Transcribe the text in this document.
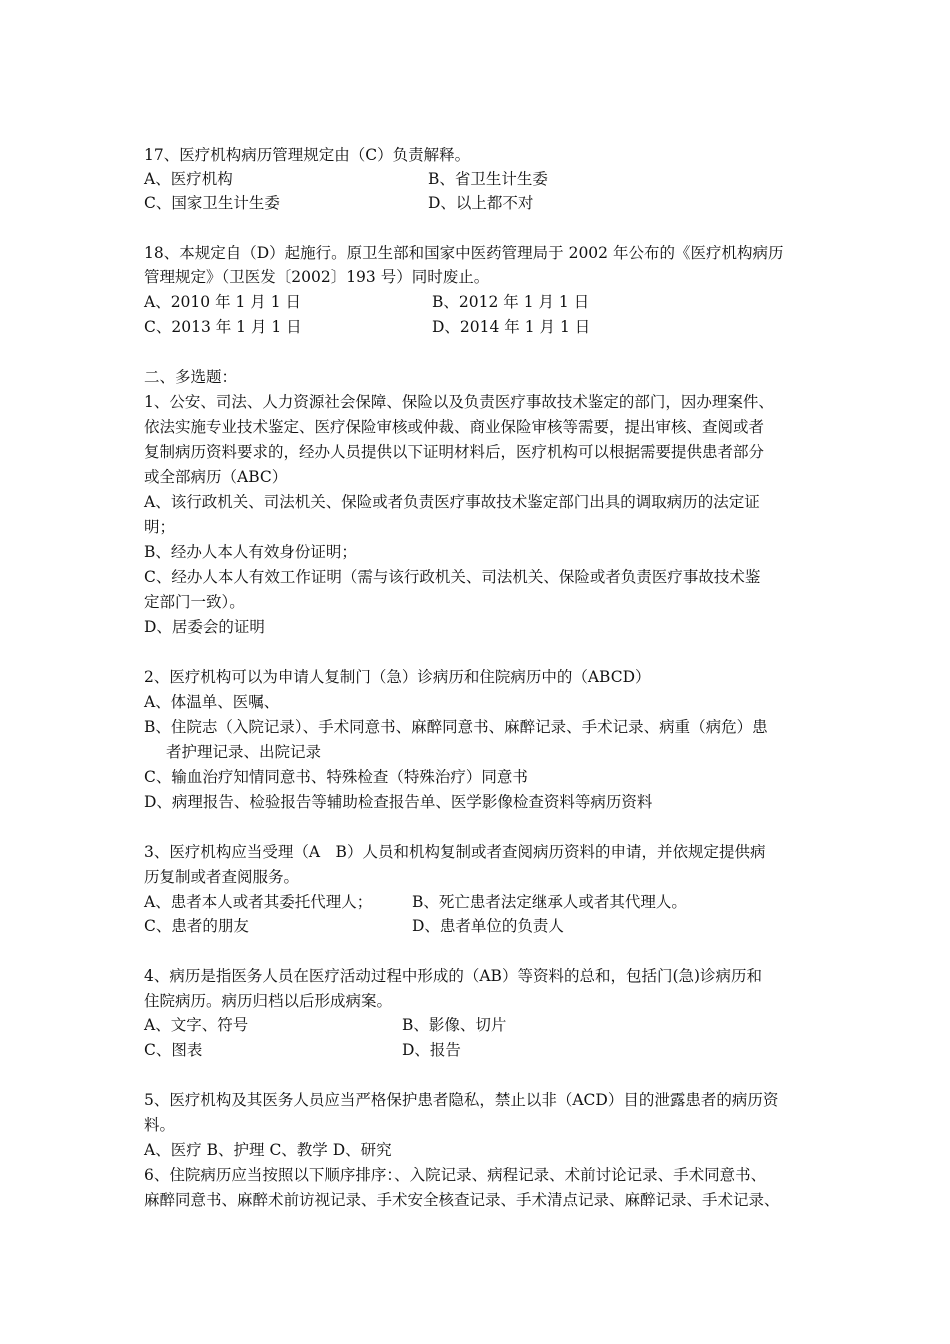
17、医疗机构病历管理规定由（C）负责解释。
A、医疗机构	B、省卫生计生委
C、国家卫生计生委	D、以上都不对
18、本规定自（D）起施行。原卫生部和国家中医药管理局于 2002 年公布的《医疗机构病历
管理规定》（卫医发〔2002〕193 号）同时废止。
A、2010 年 1 月 1 日	B、2012 年 1 月 1 日
C、2013 年 1 月 1 日	D、2014 年 1 月 1 日
二、多选题：
1、公安、司法、人力资源社会保障、保险以及负责医疗事故技术鉴定的部门，因办理案件、
依法实施专业技术鉴定、医疗保险审核或仲裁、商业保险审核等需要，提出审核、查阅或者
复制病历资料要求的，经办人员提供以下证明材料后，医疗机构可以根据需要提供患者部分
或全部病历（ABC）
A、该行政机关、司法机关、保险或者负责医疗事故技术鉴定部门出具的调取病历的法定证
明；
B、经办人本人有效身份证明；
C、经办人本人有效工作证明（需与该行政机关、司法机关、保险或者负责医疗事故技术鉴
定部门一致）。
D、居委会的证明
2、医疗机构可以为申请人复制门（急）诊病历和住院病历中的（ABCD）
A、体温单、医嘱、
B、住院志（入院记录）、手术同意书、麻醉同意书、麻醉记录、手术记录、病重（病危）患
者护理记录、出院记录
C、输血治疗知情同意书、特殊检查（特殊治疗）同意书
D、病理报告、检验报告等辅助检查报告单、医学影像检查资料等病历资料
3、医疗机构应当受理（A　B）人员和机构复制或者查阅病历资料的申请，并依规定提供病
历复制或者查阅服务。
A、患者本人或者其委托代理人；	B、死亡患者法定继承人或者其代理人。
C、患者的朋友	D、患者单位的负责人
4、病历是指医务人员在医疗活动过程中形成的（AB）等资料的总和，包括门(急)诊病历和
住院病历。病历归档以后形成病案。
A、文字、符号	B、影像、切片
C、图表	D、报告
5、医疗机构及其医务人员应当严格保护患者隐私，禁止以非（ACD）目的泄露患者的病历资
料。
A、医疗 B、护理 C、教学 D、研究
6、住院病历应当按照以下顺序排序：、入院记录、病程记录、术前讨论记录、手术同意书、
麻醉同意书、麻醉术前访视记录、手术安全核查记录、手术清点记录、麻醉记录、手术记录、
